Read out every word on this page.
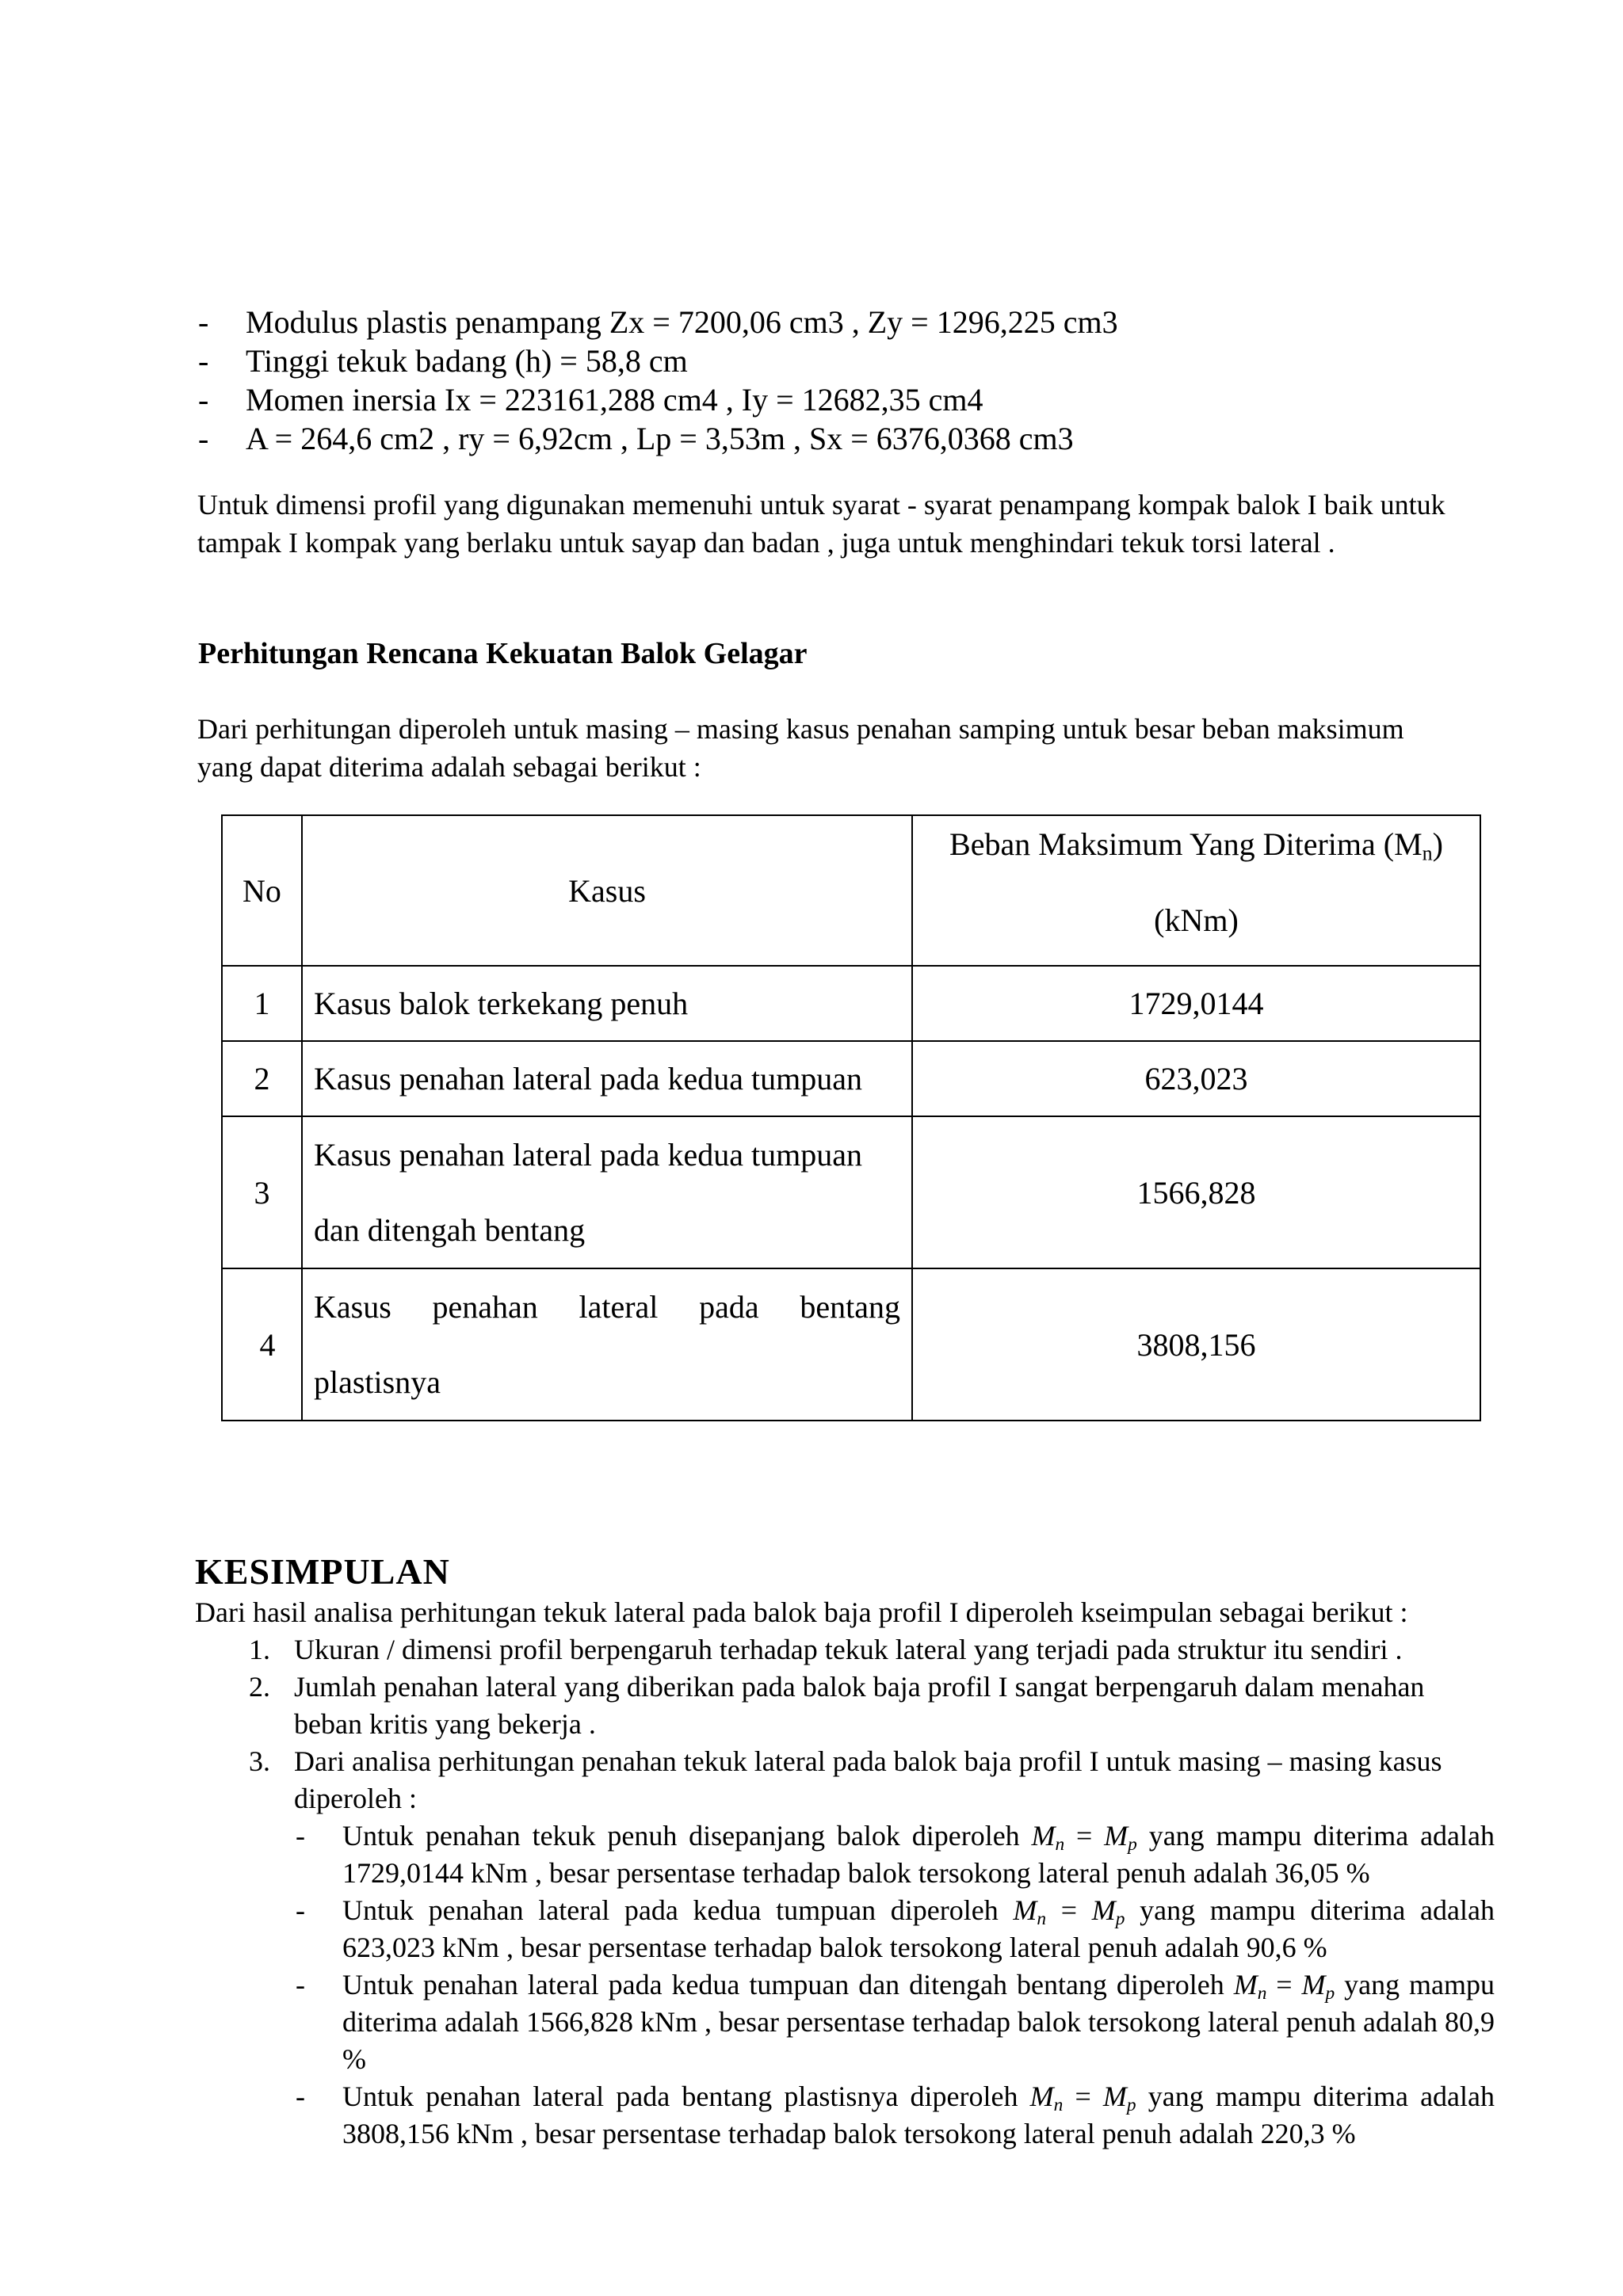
-	Modulus plastis penampang Zx = 7200,06 cm3 , Zy = 1296,225 cm3
-	Tinggi tekuk badang (h) = 58,8 cm
-	Momen inersia Ix = 223161,288 cm4 , Iy = 12682,35 cm4
-	A = 264,6 cm2 , ry = 6,92cm , Lp = 3,53m , Sx = 6376,0368 cm3
Untuk dimensi profil yang digunakan memenuhi untuk syarat - syarat penampang kompak balok I baik untuk
tampak I kompak yang berlaku untuk sayap dan badan , juga untuk menghindari tekuk torsi lateral .
Perhitungan Rencana Kekuatan Balok Gelagar
Dari perhitungan diperoleh untuk masing – masing kasus penahan samping untuk besar beban maksimum
yang dapat diterima adalah sebagai berikut :
No	Kasus	Beban Maksimum Yang Diterima $(M_n)$
(kNm)

1	Kasus balok terkekang penuh	1729,0144
2	Kasus penahan lateral pada kedua tumpuan	623,023
3	Kasus penahan lateral pada kedua tumpuan
dan ditengah bentang	1566,828
4	Kasus penahan lateral pada bentang
plastisnya	3808,156
KESIMPULAN
Dari hasil analisa perhitungan tekuk lateral pada balok baja profil I diperoleh kseimpulan sebagai berikut :
1. Ukuran / dimensi profil berpengaruh terhadap tekuk lateral yang terjadi pada struktur itu sendiri .
2. Jumlah penahan lateral yang diberikan pada balok baja profil I sangat berpengaruh dalam menahan beban kritis yang bekerja .
3. Dari analisa perhitungan penahan tekuk lateral pada balok baja profil I untuk masing – masing kasus diperoleh :
-	Untuk penahan tekuk penuh disepanjang balok diperoleh $M_n = M_p$ yang mampu diterima adalah 1729,0144 kNm , besar persentase terhadap balok tersokong lateral penuh adalah 36,05 %
-	Untuk penahan lateral pada kedua tumpuan diperoleh $M_n = M_p$ yang mampu diterima adalah 623,023 kNm , besar persentase terhadap balok tersokong lateral penuh adalah 90,6 %
-	Untuk penahan lateral pada kedua tumpuan dan ditengah bentang diperoleh $M_n = M_p$ yang mampu diterima adalah 1566,828 kNm , besar persentase terhadap balok tersokong lateral penuh adalah 80,9 %
-	Untuk penahan lateral pada bentang plastisnya diperoleh $M_n = M_p$ yang mampu diterima adalah 3808,156 kNm , besar persentase terhadap balok tersokong lateral penuh adalah 220,3 %
